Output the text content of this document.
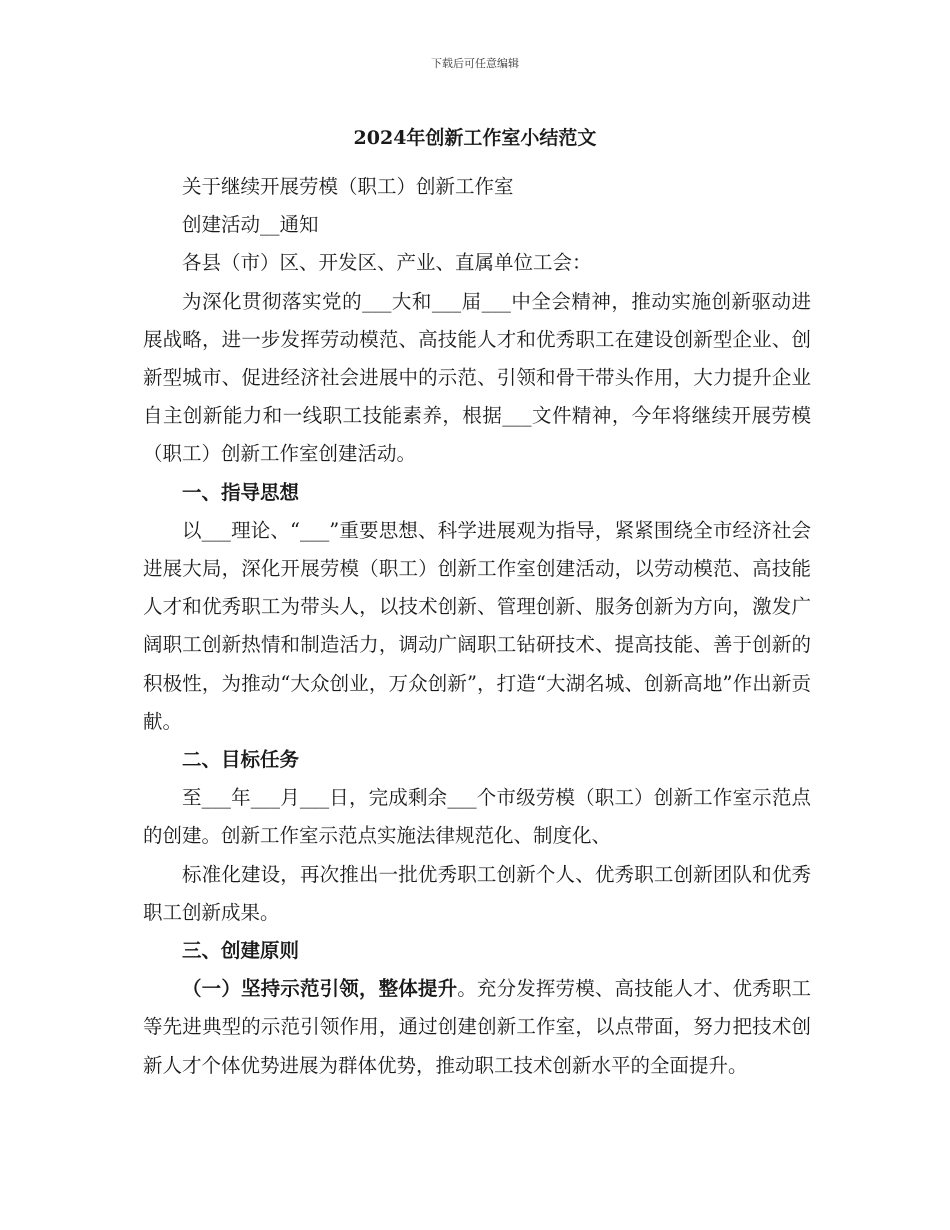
下载后可任意编辑
2024年创新工作室小结范文

关于继续开展劳模（职工）创新工作室

创建活动__通知

各县（市）区、开发区、产业、直属单位工会：

为深化贯彻落实党的___大和___届___中全会精神，推动实施创新驱动进展战略，进一步发挥劳动模范、高技能人才和优秀职工在建设创新型企业、创新型城市、促进经济社会进展中的示范、引领和骨干带头作用，大力提升企业自主创新能力和一线职工技能素养，根据___文件精神，今年将继续开展劳模（职工）创新工作室创建活动。

一、指导思想

以___理论、“___”重要思想、科学进展观为指导，紧紧围绕全市经济社会进展大局，深化开展劳模（职工）创新工作室创建活动，以劳动模范、高技能人才和优秀职工为带头人，以技术创新、管理创新、服务创新为方向，激发广阔职工创新热情和制造活力，调动广阔职工钻研技术、提高技能、善于创新的积极性，为推动“大众创业，万众创新”，打造“大湖名城、创新高地”作出新贡献。

二、目标任务

至___年___月___日，完成剩余___个市级劳模（职工）创新工作室示范点的创建。创新工作室示范点实施法律规范化、制度化、

标准化建设，再次推出一批优秀职工创新个人、优秀职工创新团队和优秀职工创新成果。

三、创建原则

（一）坚持示范引领，整体提升。充分发挥劳模、高技能人才、优秀职工等先进典型的示范引领作用，通过创建创新工作室，以点带面，努力把技术创新人才个体优势进展为群体优势，推动职工技术创新水平的全面提升。
